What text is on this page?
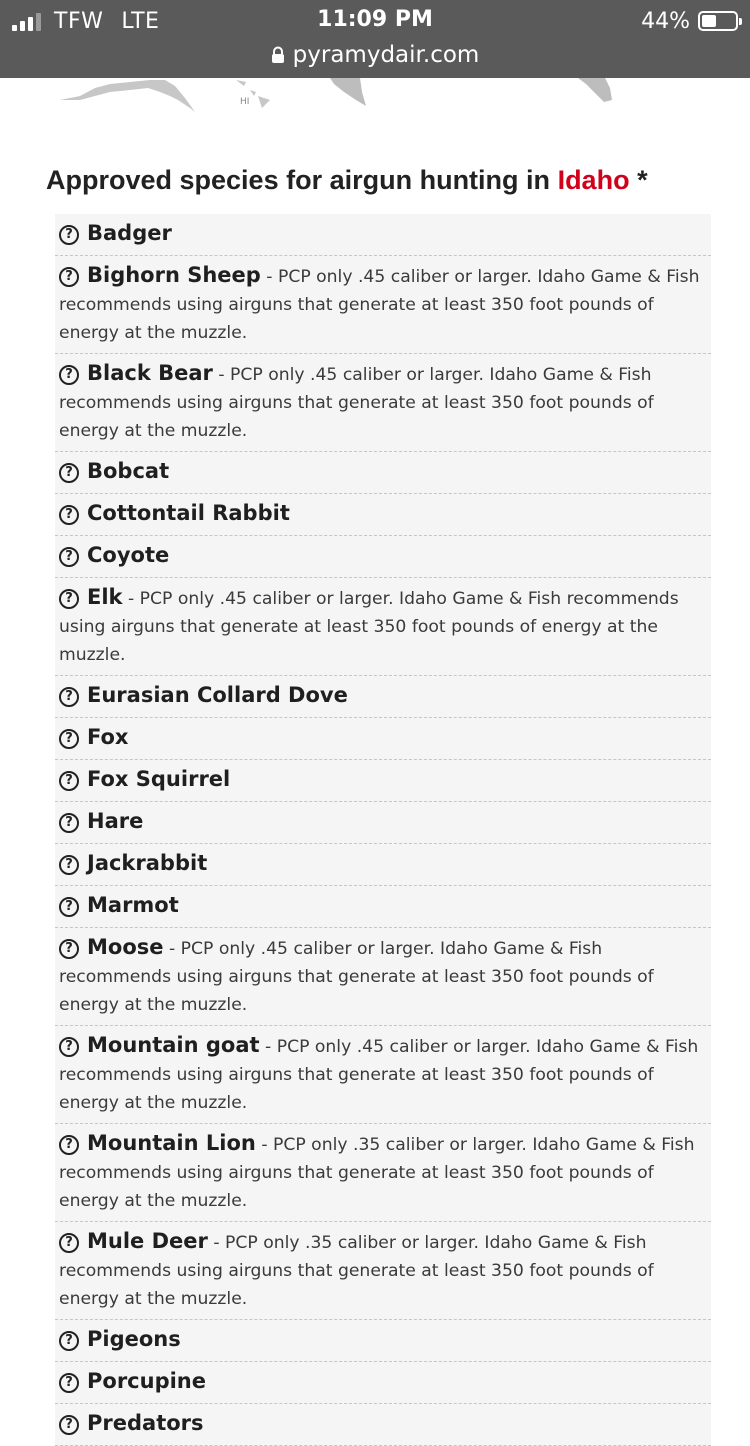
TFW LTE	11:09 PM	44%
pyramydair.com
HI
Approved species for airgun hunting in Idaho *
? Badger
? Bighorn Sheep - PCP only .45 caliber or larger. Idaho Game & Fish recommends using airguns that generate at least 350 foot pounds of energy at the muzzle.
? Black Bear - PCP only .45 caliber or larger. Idaho Game & Fish recommends using airguns that generate at least 350 foot pounds of energy at the muzzle.
? Bobcat
? Cottontail Rabbit
? Coyote
? Elk - PCP only .45 caliber or larger. Idaho Game & Fish recommends using airguns that generate at least 350 foot pounds of energy at the muzzle.
? Eurasian Collard Dove
? Fox
? Fox Squirrel
? Hare
? Jackrabbit
? Marmot
? Moose - PCP only .45 caliber or larger. Idaho Game & Fish recommends using airguns that generate at least 350 foot pounds of energy at the muzzle.
? Mountain goat - PCP only .45 caliber or larger. Idaho Game & Fish recommends using airguns that generate at least 350 foot pounds of energy at the muzzle.
? Mountain Lion - PCP only .35 caliber or larger. Idaho Game & Fish recommends using airguns that generate at least 350 foot pounds of energy at the muzzle.
? Mule Deer - PCP only .35 caliber or larger. Idaho Game & Fish recommends using airguns that generate at least 350 foot pounds of energy at the muzzle.
? Pigeons
? Porcupine
? Predators
